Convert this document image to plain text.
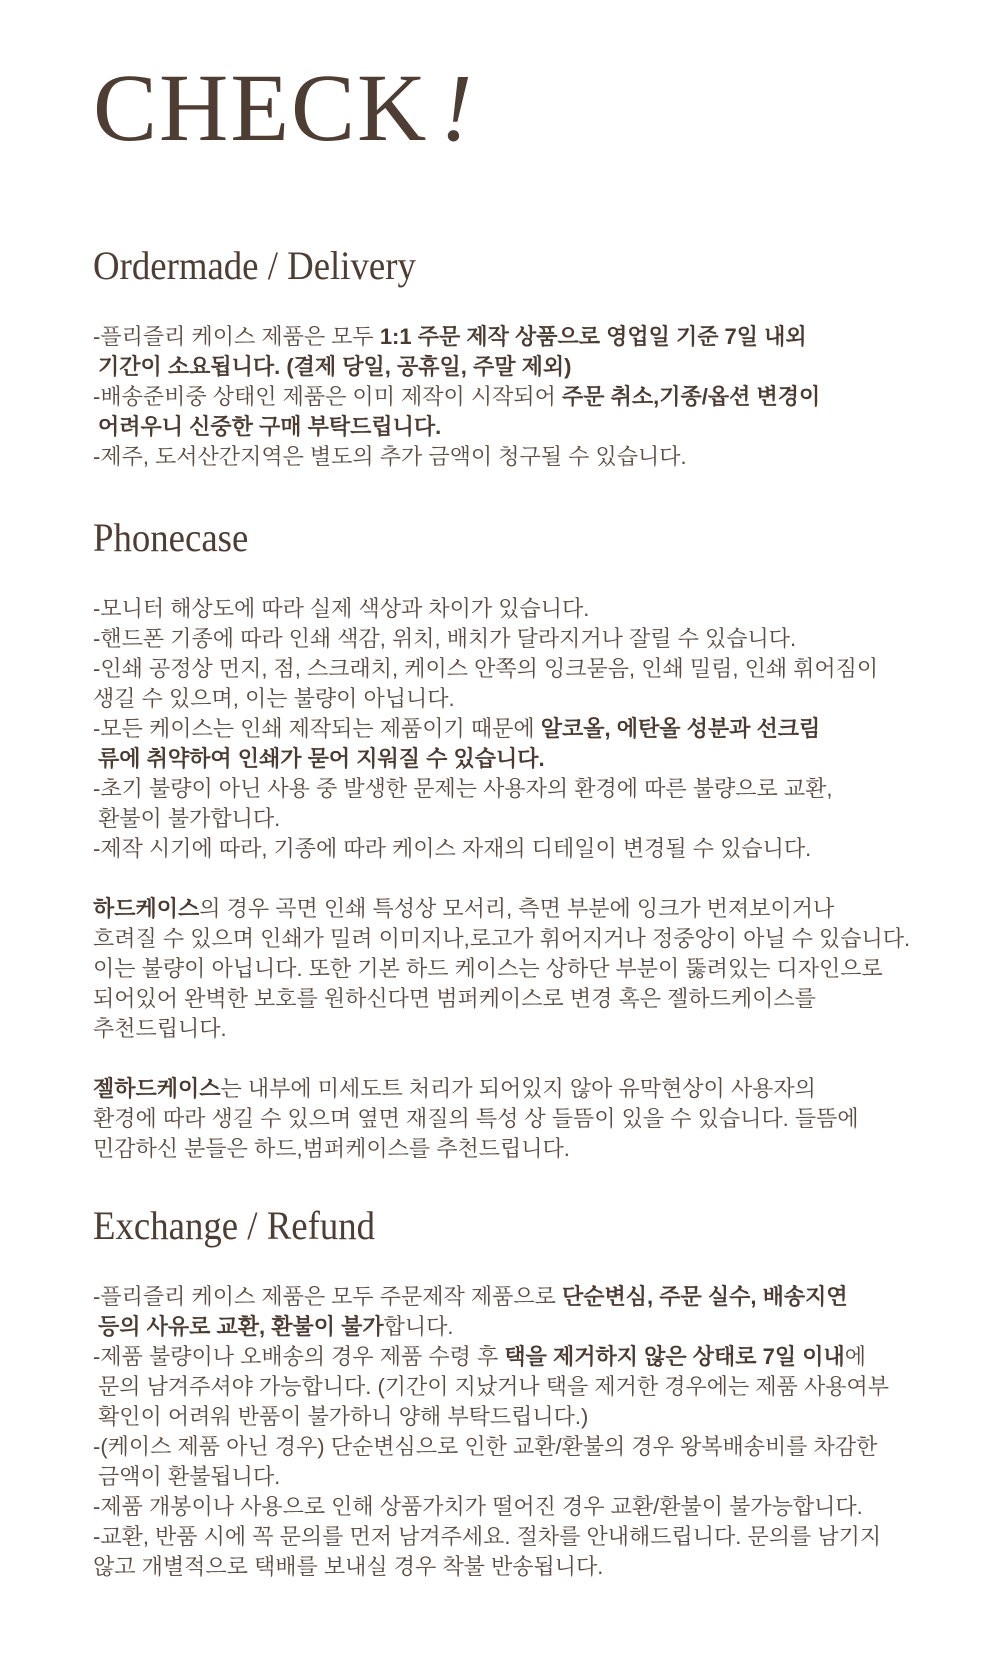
CHECK !
Ordermade / Delivery
-플리즐리 케이스 제품은 모두 1:1 주문 제작 상품으로 영업일 기준 7일 내외
기간이 소요됩니다. (결제 당일, 공휴일, 주말 제외)
-배송준비중 상태인 제품은 이미 제작이 시작되어 주문 취소,기종/옵션 변경이
어려우니 신중한 구매 부탁드립니다.
-제주, 도서산간지역은 별도의 추가 금액이 청구될 수 있습니다.
Phonecase
-모니터 해상도에 따라 실제 색상과 차이가 있습니다.
-핸드폰 기종에 따라 인쇄 색감, 위치, 배치가 달라지거나 잘릴 수 있습니다.
-인쇄 공정상 먼지, 점, 스크래치, 케이스 안쪽의 잉크묻음, 인쇄 밀림, 인쇄 휘어짐이
생길 수 있으며, 이는 불량이 아닙니다.
-모든 케이스는 인쇄 제작되는 제품이기 때문에 알코올, 에탄올 성분과 선크림
류에 취약하여 인쇄가 묻어 지워질 수 있습니다.
-초기 불량이 아닌 사용 중 발생한 문제는 사용자의 환경에 따른 불량으로 교환,
환불이 불가합니다.
-제작 시기에 따라, 기종에 따라 케이스 자재의 디테일이 변경될 수 있습니다.
하드케이스의 경우 곡면 인쇄 특성상 모서리, 측면 부분에 잉크가 번져보이거나
흐려질 수 있으며 인쇄가 밀려 이미지나,로고가 휘어지거나 정중앙이 아닐 수 있습니다.
이는 불량이 아닙니다. 또한 기본 하드 케이스는 상하단 부분이 뚫려있는 디자인으로
되어있어 완벽한 보호를 원하신다면 범퍼케이스로 변경 혹은 젤하드케이스를
추천드립니다.
젤하드케이스는 내부에 미세도트 처리가 되어있지 않아 유막현상이 사용자의
환경에 따라 생길 수 있으며 옆면 재질의 특성 상 들뜸이 있을 수 있습니다. 들뜸에
민감하신 분들은 하드,범퍼케이스를 추천드립니다.
Exchange / Refund
-플리즐리 케이스 제품은 모두 주문제작 제품으로 단순변심, 주문 실수, 배송지연
등의 사유로 교환, 환불이 불가합니다.
-제품 불량이나 오배송의 경우 제품 수령 후 택을 제거하지 않은 상태로 7일 이내에
문의 남겨주셔야 가능합니다. (기간이 지났거나 택을 제거한 경우에는 제품 사용여부
확인이 어려워 반품이 불가하니 양해 부탁드립니다.)
-(케이스 제품 아닌 경우) 단순변심으로 인한 교환/환불의 경우 왕복배송비를 차감한
금액이 환불됩니다.
-제품 개봉이나 사용으로 인해 상품가치가 떨어진 경우 교환/환불이 불가능합니다.
-교환, 반품 시에 꼭 문의를 먼저 남겨주세요. 절차를 안내해드립니다. 문의를 남기지
않고 개별적으로 택배를 보내실 경우 착불 반송됩니다.
